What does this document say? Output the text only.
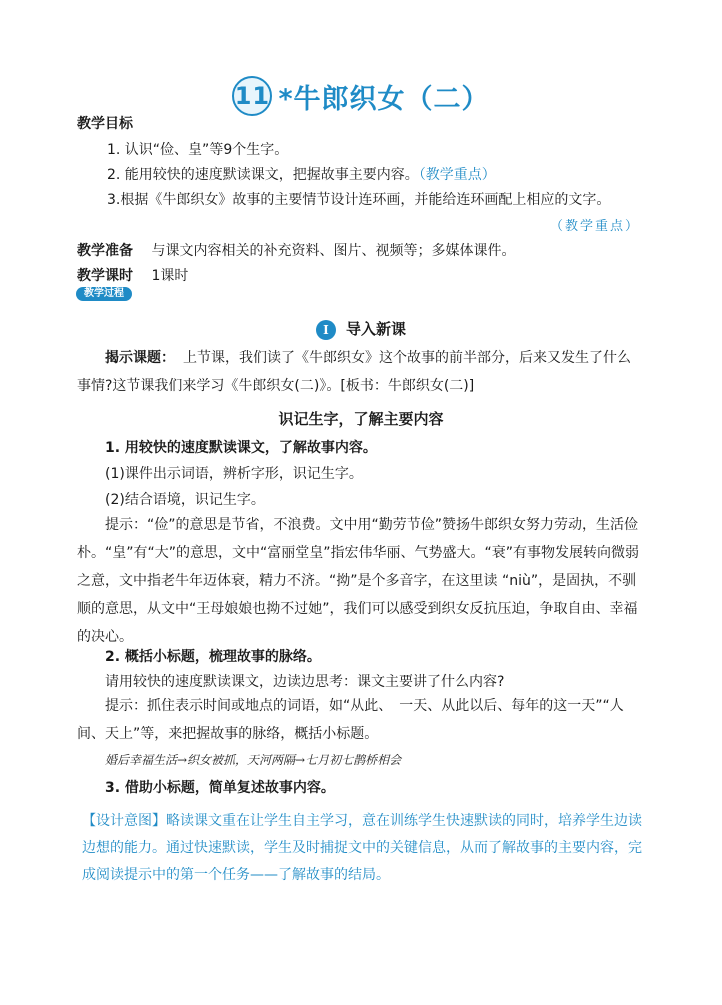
11 *牛郎织女（二）
教学目标
1. 认识“俭、皇”等9个生字。
2. 能用较快的速度默读课文，把握故事主要内容。（教学重点）
3.根据《牛郎织女》故事的主要情节设计连环画，并能给连环画配上相应的文字。
（教学重点）
教学准备 与课文内容相关的补充资料、图片、视频等；多媒体课件。
教学课时 1课时
教学过程
Ⅰ 导入新课
揭示课题： 上节课，我们读了《牛郎织女》这个故事的前半部分，后来又发生了什么事情?这节课我们来学习《牛郎织女(二)》。[板书：牛郎织女(二)]
识记生字，了解主要内容
1. 用较快的速度默读课文，了解故事内容。
(1)课件出示词语，辨析字形，识记生字。
(2)结合语境，识记生字。
提示：“俭”的意思是节省，不浪费。文中用“勤劳节俭”赞扬牛郎织女努力劳动，生活俭朴。“皇”有“大”的意思，文中“富丽堂皇”指宏伟华丽、气势盛大。“衰”有事物发展转向微弱之意，文中指老牛年迈体衰，精力不济。“拗”是个多音字，在这里读 “niù”，是固执，不驯顺的意思，从文中“王母娘娘也拗不过她”，我们可以感受到织女反抗压迫，争取自由、幸福的决心。
2. 概括小标题，梳理故事的脉络。
请用较快的速度默读课文，边读边思考：课文主要讲了什么内容?
提示：抓住表示时间或地点的词语，如“从此、　一天、从此以后、每年的这一天”“人间、天上”等，来把握故事的脉络，概括小标题。
婚后幸福生活→织女被抓，天河两隔→七月初七鹊桥相会
3. 借助小标题，简单复述故事内容。
【设计意图】略读课文重在让学生自主学习，意在训练学生快速默读的同时，培养学生边读边想的能力。通过快速默读，学生及时捕捉文中的关键信息，从而了解故事的主要内容，完成阅读提示中的第一个任务——了解故事的结局。
